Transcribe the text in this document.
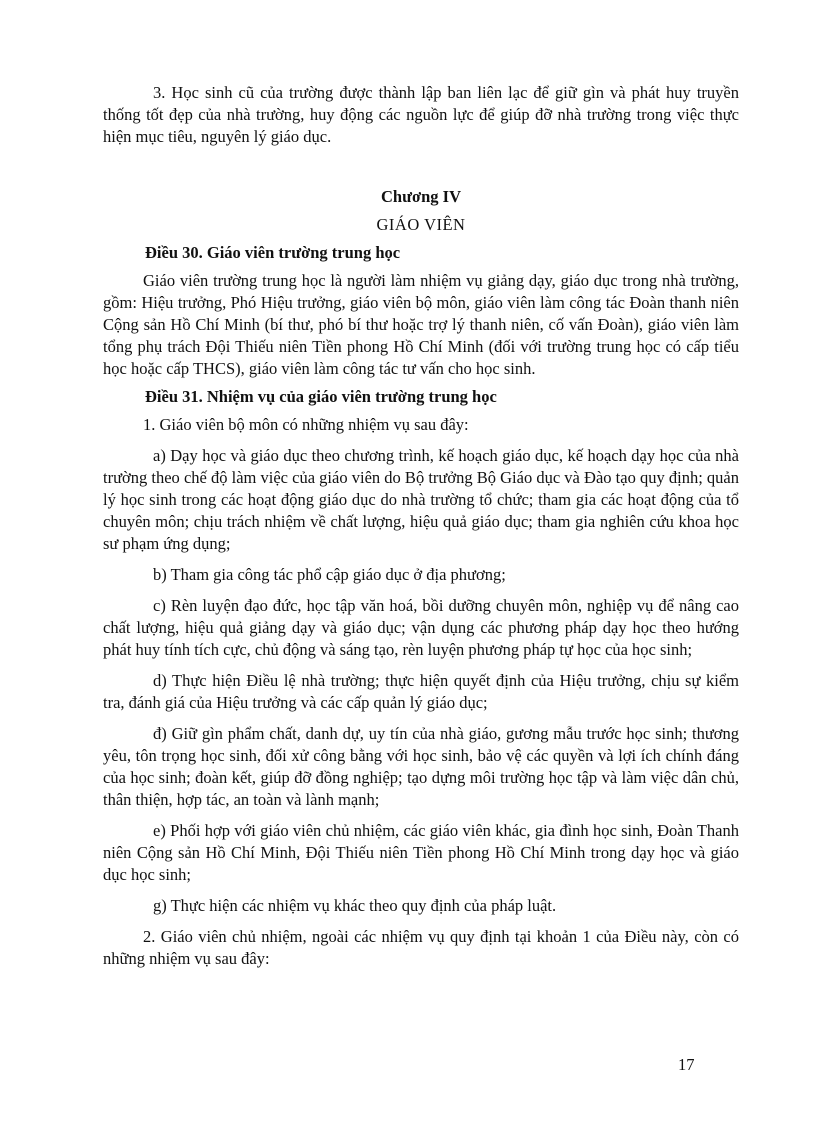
3. Học sinh cũ của trường được thành lập ban liên lạc để giữ gìn và phát huy truyền thống tốt đẹp của nhà trường, huy động các nguồn lực để giúp đỡ nhà trường trong việc thực hiện mục tiêu, nguyên lý giáo dục.

Chương IV
GIÁO VIÊN
Điều 30. Giáo viên trường trung học

Giáo viên trường trung học là người làm nhiệm vụ giảng dạy, giáo dục trong nhà trường, gồm: Hiệu trưởng, Phó Hiệu trưởng, giáo viên bộ môn, giáo viên làm công tác Đoàn thanh niên Cộng sản Hồ Chí Minh (bí thư, phó bí thư hoặc trợ lý thanh niên, cố vấn Đoàn), giáo viên làm tổng phụ trách Đội Thiếu niên Tiền phong Hồ Chí Minh (đối với trường trung học có cấp tiểu học hoặc cấp THCS), giáo viên làm công tác tư vấn cho học sinh.

Điều 31. Nhiệm vụ của giáo viên trường trung học

1. Giáo viên bộ môn có những nhiệm vụ sau đây:

a) Dạy học và giáo dục theo chương trình, kế hoạch giáo dục, kế hoạch dạy học của nhà trường theo chế độ làm việc của giáo viên do Bộ trưởng Bộ Giáo dục và Đào tạo quy định; quản lý học sinh trong các hoạt động giáo dục do nhà trường tổ chức; tham gia các hoạt động của tổ chuyên môn; chịu trách nhiệm về chất lượng, hiệu quả giáo dục; tham gia nghiên cứu khoa học sư phạm ứng dụng;

b) Tham gia công tác phổ cập giáo dục ở địa phương;

c) Rèn luyện đạo đức, học tập văn hoá, bồi dưỡng chuyên môn, nghiệp vụ để nâng cao chất lượng, hiệu quả giảng dạy và giáo dục; vận dụng các phương pháp dạy học theo hướng phát huy tính tích cực, chủ động và sáng tạo, rèn luyện phương pháp tự học của học sinh;

d) Thực hiện Điều lệ nhà trường; thực hiện quyết định của Hiệu trưởng, chịu sự kiểm tra, đánh giá của Hiệu trưởng và các cấp quản lý giáo dục;

đ) Giữ gìn phẩm chất, danh dự, uy tín của nhà giáo, gương mẫu trước học sinh; thương yêu, tôn trọng học sinh, đối xử công bằng với học sinh, bảo vệ các quyền và lợi ích chính đáng của học sinh; đoàn kết, giúp đỡ đồng nghiệp; tạo dựng môi trường học tập và làm việc dân chủ, thân thiện, hợp tác, an toàn và lành mạnh;

e) Phối hợp với giáo viên chủ nhiệm, các giáo viên khác, gia đình học sinh, Đoàn Thanh niên Cộng sản Hồ Chí Minh, Đội Thiếu niên Tiền phong Hồ Chí Minh trong dạy học và giáo dục học sinh;

g) Thực hiện các nhiệm vụ khác theo quy định của pháp luật.

2. Giáo viên chủ nhiệm, ngoài các nhiệm vụ quy định tại khoản 1 của Điều này, còn có những nhiệm vụ sau đây:

17
